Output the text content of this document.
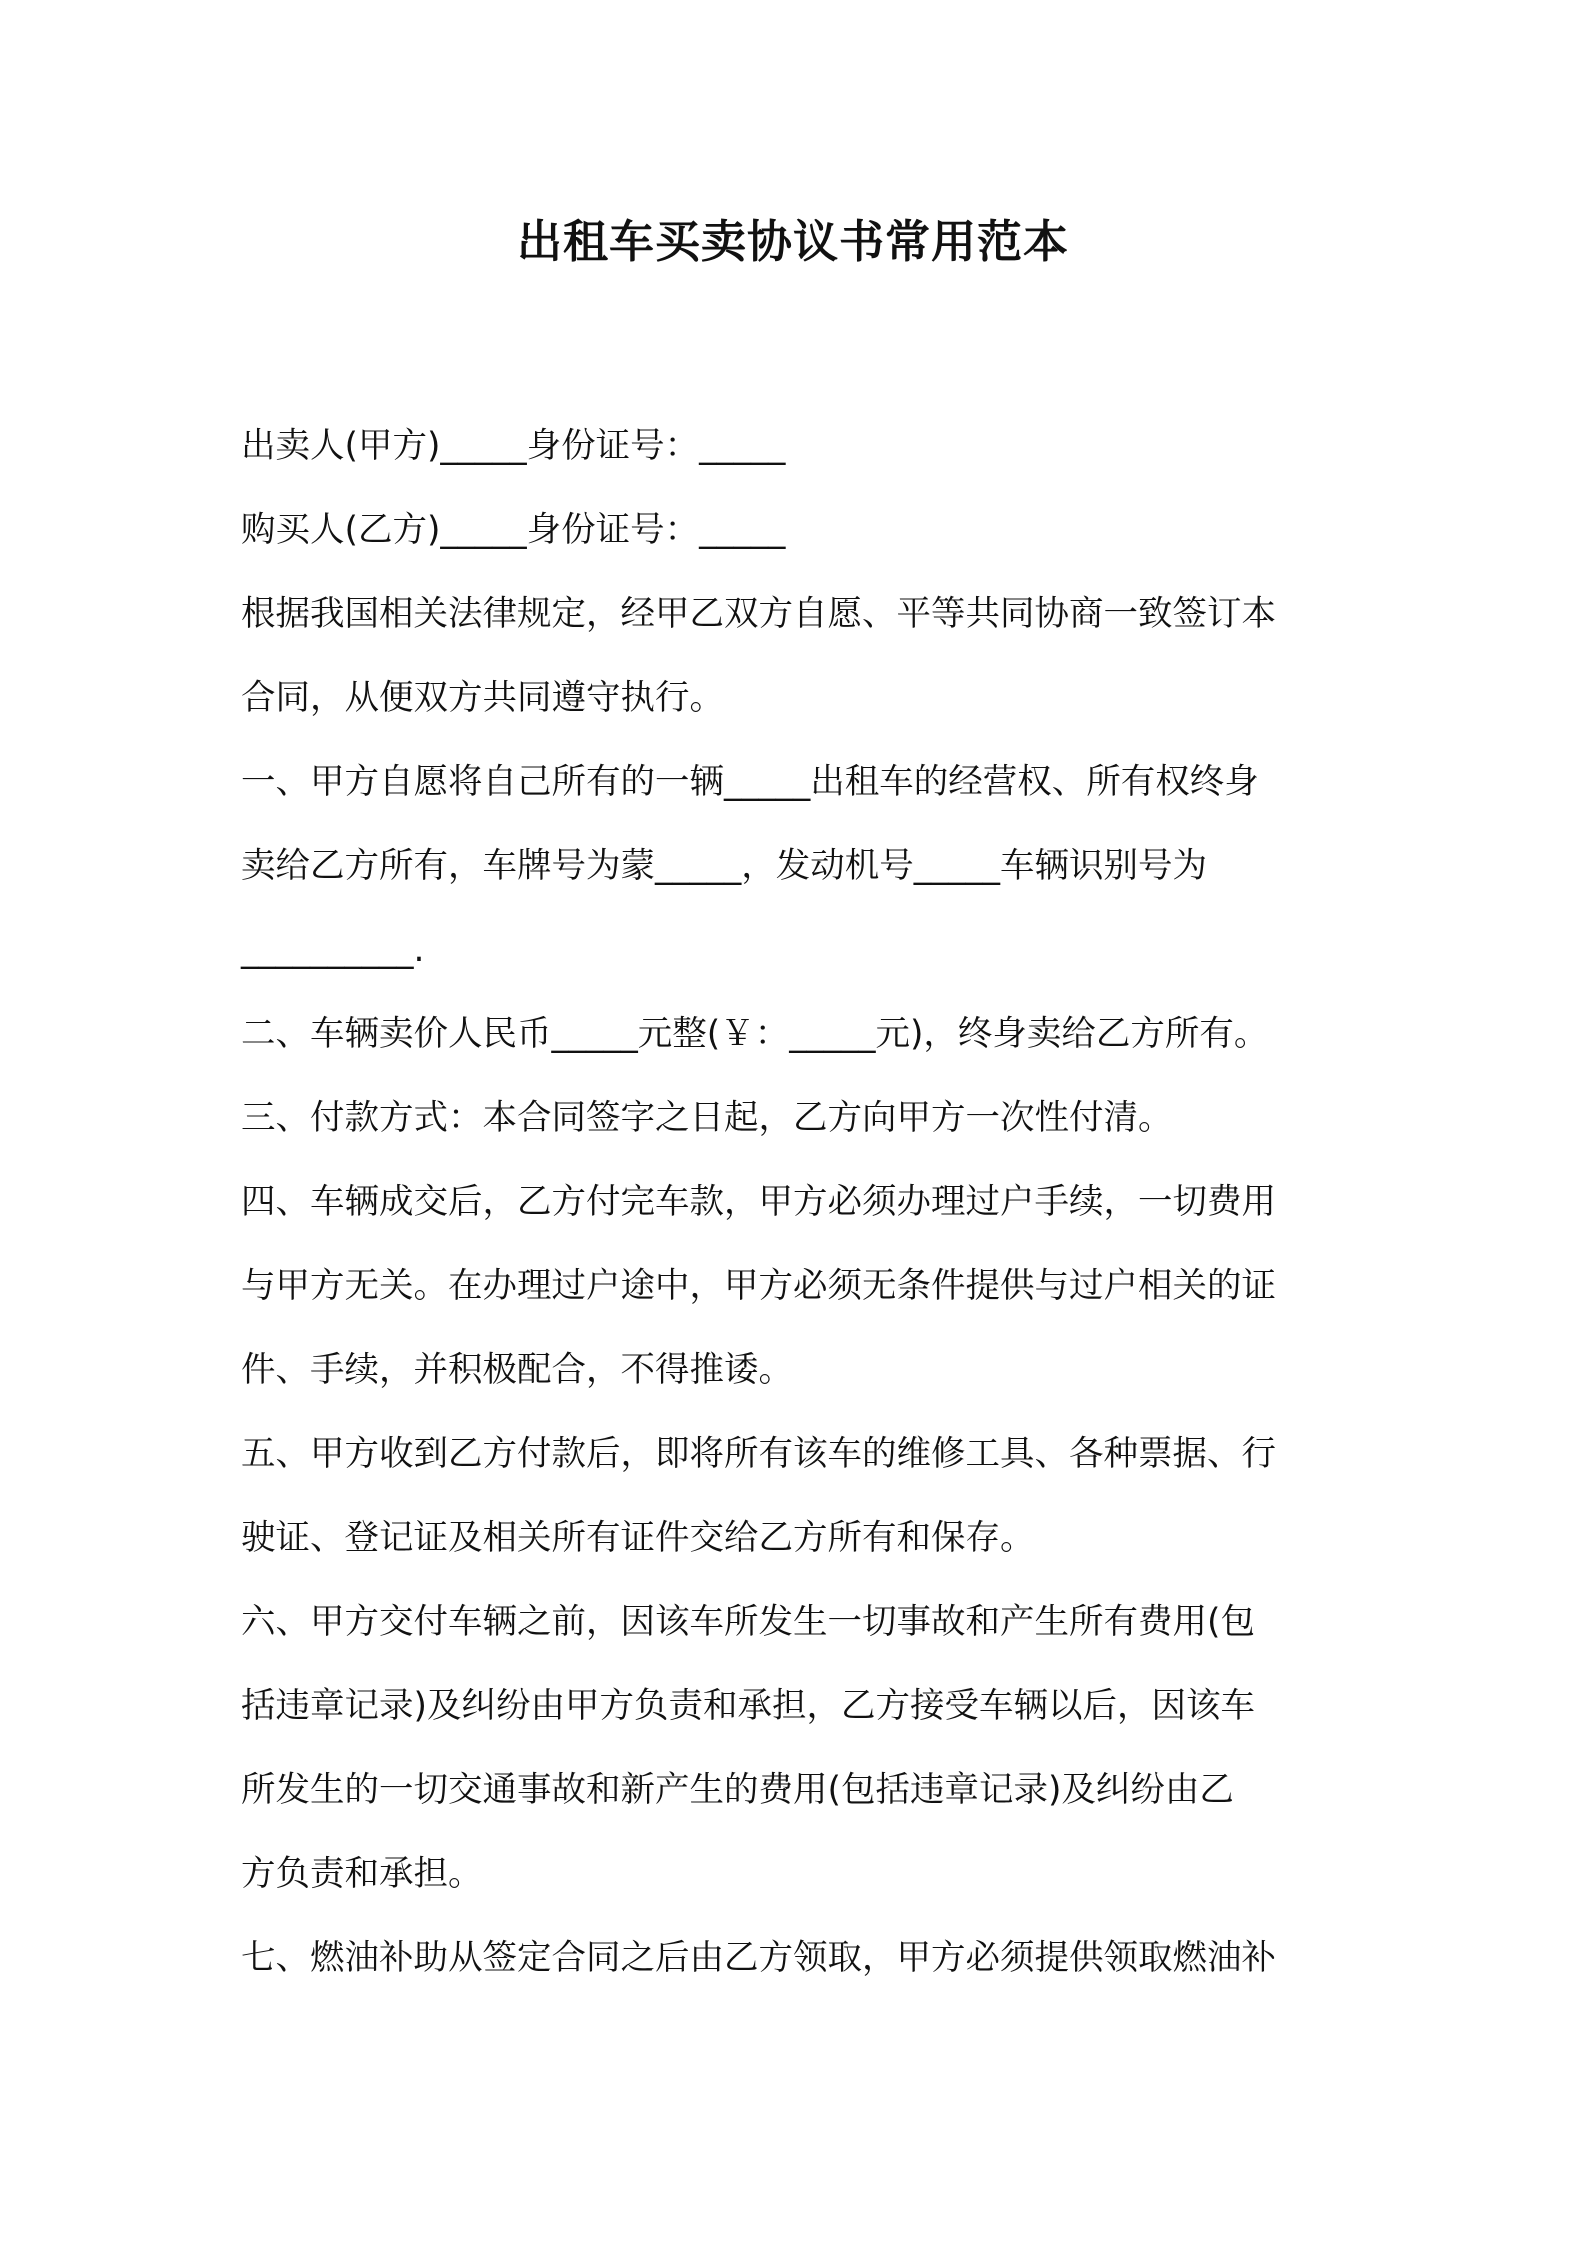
出租车买卖协议书常用范本
出卖人(甲方)_____身份证号：_____
购买人(乙方)_____身份证号：_____
根据我国相关法律规定，经甲乙双方自愿、平等共同协商一致签订本
合同，从便双方共同遵守执行。
一、甲方自愿将自己所有的一辆_____出租车的经营权、所有权终身
卖给乙方所有，车牌号为蒙_____，发动机号_____车辆识别号为
__________.
二、车辆卖价人民币_____元整(￥：_____元)，终身卖给乙方所有。
三、付款方式：本合同签字之日起，乙方向甲方一次性付清。
四、车辆成交后，乙方付完车款，甲方必须办理过户手续，一切费用
与甲方无关。在办理过户途中，甲方必须无条件提供与过户相关的证
件、手续，并积极配合，不得推诿。
五、甲方收到乙方付款后，即将所有该车的维修工具、各种票据、行
驶证、登记证及相关所有证件交给乙方所有和保存。
六、甲方交付车辆之前，因该车所发生一切事故和产生所有费用(包
括违章记录)及纠纷由甲方负责和承担，乙方接受车辆以后，因该车
所发生的一切交通事故和新产生的费用(包括违章记录)及纠纷由乙
方负责和承担。
七、燃油补助从签定合同之后由乙方领取，甲方必须提供领取燃油补
